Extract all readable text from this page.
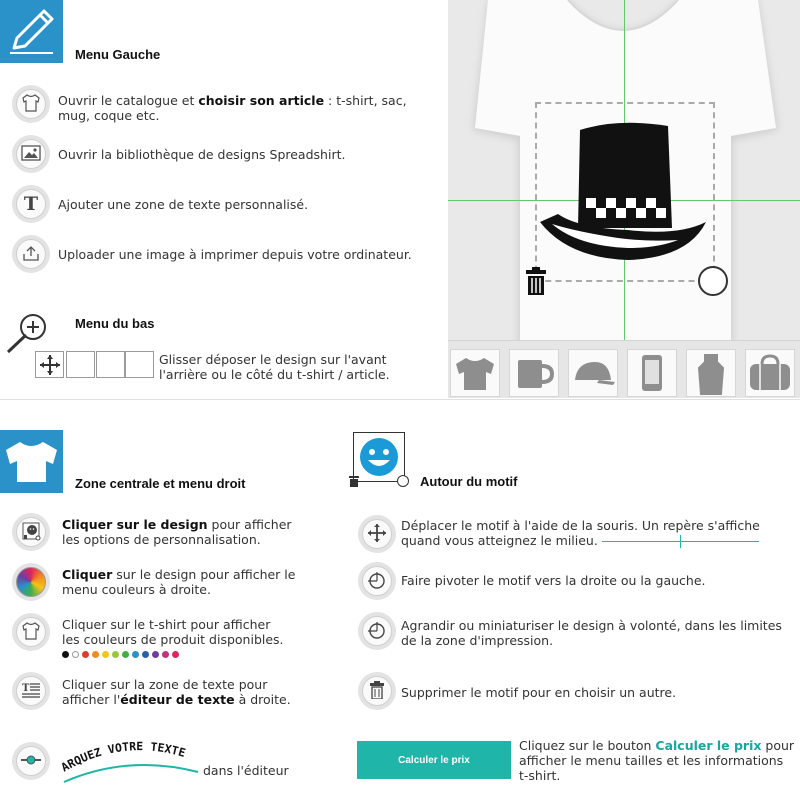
Menu Gauche
Ouvrir le catalogue et choisir son article : t-shirt, sac,
mug, coque etc.
Ouvrir la bibliothèque de designs Spreadshirt.
T Ajouter une zone de texte personnalisé.
Uploader une image à imprimer depuis votre ordinateur.
Menu du bas
Glisser déposer le design sur l'avant
l'arrière ou le côté du t-shirt / article.
Zone centrale et menu droit
Cliquer sur le design pour afficher
les options de personnalisation.
Cliquer sur le design pour afficher le
menu couleurs à droite.
Cliquer sur le t-shirt pour afficher
les couleurs de produit disponibles.
T	Cliquer sur la zone de texte pour
afficher l'éditeur de texte à droite.
ARQUEZ VOTRE TEXTE
dans l'éditeur
Autour du motif
Déplacer le motif à l'aide de la souris. Un repère s'affiche
quand vous atteignez le milieu.
Faire pivoter le motif vers la droite ou la gauche.
Agrandir ou miniaturiser le design à volonté, dans les limites
de la zone d'impression.
Supprimer le motif pour en choisir un autre.
Calculer le prix
Cliquez sur le bouton Calculer le prix pour
afficher le menu tailles et les informations
t-shirt.
